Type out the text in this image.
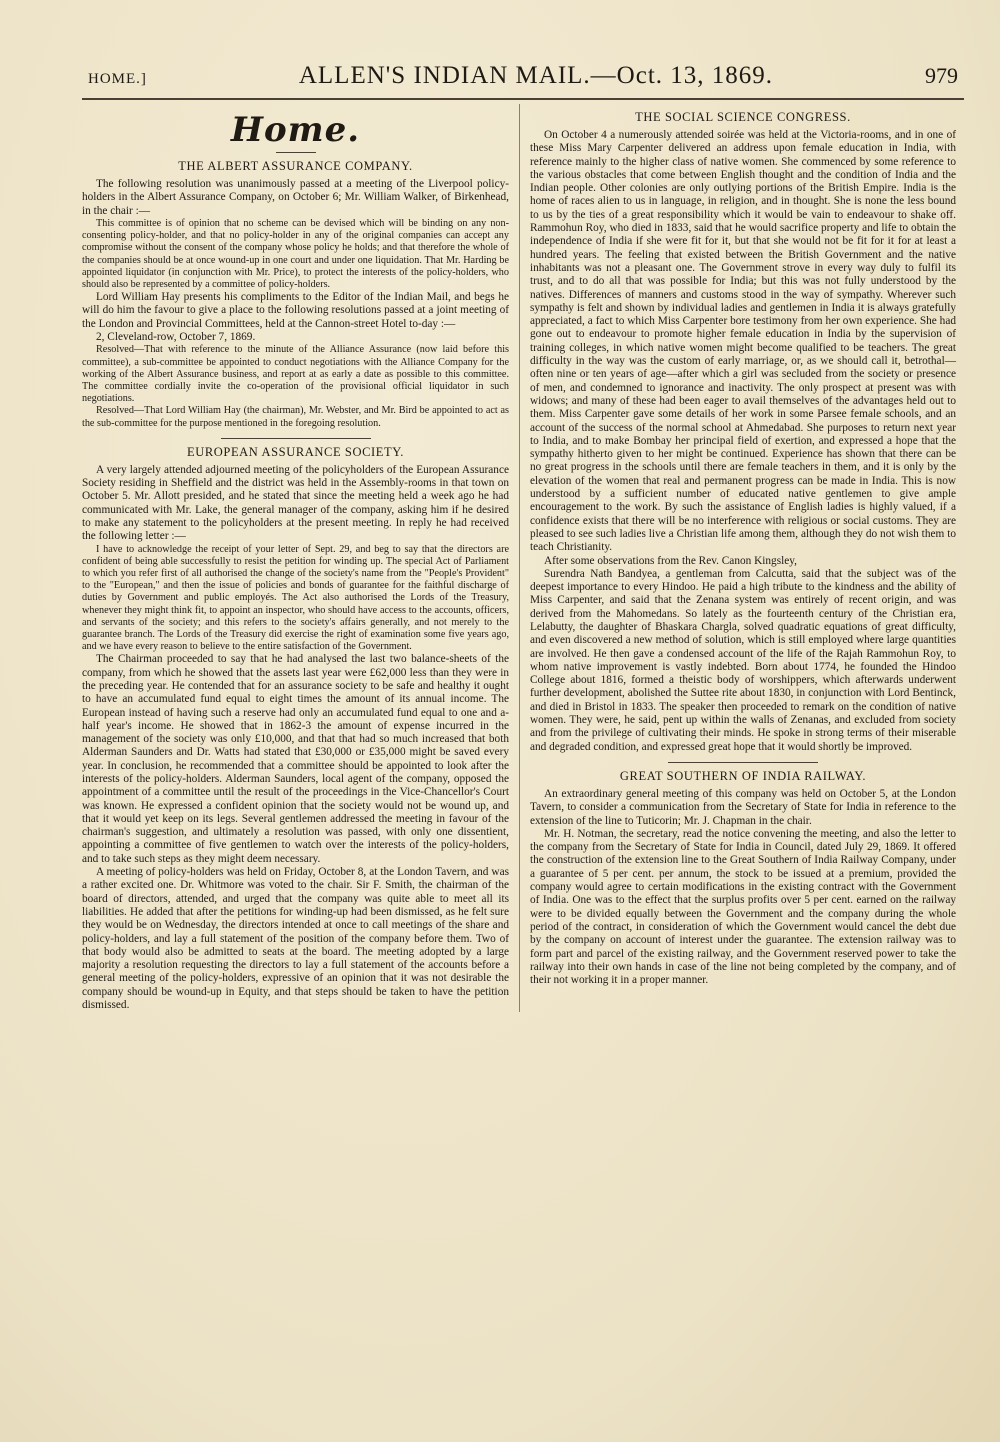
HOME.]	ALLEN'S INDIAN MAIL.—Oct. 13, 1869.	979
Home.
THE ALBERT ASSURANCE COMPANY.

The following resolution was unanimously passed at a meeting of the Liverpool policy-holders in the Albert Assurance Company, on October 6; Mr. William Walker, of Birkenhead, in the chair :—

This committee is of opinion that no scheme can be devised which will be binding on any non-consenting policy-holder, and that no policy-holder in any of the original companies can accept any compromise without the consent of the company whose policy he holds; and that therefore the whole of the companies should be at once wound-up in one court and under one liquidation. That Mr. Harding be appointed liquidator (in conjunction with Mr. Price), to protect the interests of the policy-holders, who should also be represented by a committee of policy-holders.

Lord William Hay presents his compliments to the Editor of the Indian Mail, and begs he will do him the favour to give a place to the following resolutions passed at a joint meeting of the London and Provincial Committees, held at the Cannon-street Hotel to-day :—

2, Cleveland-row, October 7, 1869.

Resolved—That with reference to the minute of the Alliance Assurance (now laid before this committee), a sub-committee be appointed to conduct negotiations with the Alliance Company for the working of the Albert Assurance business, and report at as early a date as possible to this committee. The committee cordially invite the co-operation of the provisional official liquidator in such negotiations.

Resolved—That Lord William Hay (the chairman), Mr. Webster, and Mr. Bird be appointed to act as the sub-committee for the purpose mentioned in the foregoing resolution.

EUROPEAN ASSURANCE SOCIETY.

A very largely attended adjourned meeting of the policyholders of the European Assurance Society residing in Sheffield and the district was held in the Assembly-rooms in that town on October 5. Mr. Allott presided, and he stated that since the meeting held a week ago he had communicated with Mr. Lake, the general manager of the company, asking him if he desired to make any statement to the policyholders at the present meeting. In reply he had received the following letter :—

I have to acknowledge the receipt of your letter of Sept. 29, and beg to say that the directors are confident of being able successfully to resist the petition for winding up. The special Act of Parliament to which you refer first of all authorised the change of the society's name from the "People's Provident" to the "European," and then the issue of policies and bonds of guarantee for the faithful discharge of duties by Government and public employés. The Act also authorised the Lords of the Treasury, whenever they might think fit, to appoint an inspector, who should have access to the accounts, officers, and servants of the society; and this refers to the society's affairs generally, and not merely to the guarantee branch. The Lords of the Treasury did exercise the right of examination some five years ago, and we have every reason to believe to the entire satisfaction of the Government.

The Chairman proceeded to say that he had analysed the last two balance-sheets of the company, from which he showed that the assets last year were £62,000 less than they were in the preceding year. He contended that for an assurance society to be safe and healthy it ought to have an accumulated fund equal to eight times the amount of its annual income. The European instead of having such a reserve had only an accumulated fund equal to one and a-half year's income. He showed that in 1862-3 the amount of expense incurred in the management of the society was only £10,000, and that that had so much increased that both Alderman Saunders and Dr. Watts had stated that £30,000 or £35,000 might be saved every year. In conclusion, he recommended that a committee should be appointed to look after the interests of the policy-holders. Alderman Saunders, local agent of the company, opposed the appointment of a committee until the result of the proceedings in the Vice-Chancellor's Court was known. He expressed a confident opinion that the society would not be wound up, and that it would yet keep on its legs. Several gentlemen addressed the meeting in favour of the chairman's suggestion, and ultimately a resolution was passed, with only one dissentient, appointing a committee of five gentlemen to watch over the interests of the policy-holders, and to take such steps as they might deem necessary.

A meeting of policy-holders was held on Friday, October 8, at the London Tavern, and was a rather excited one. Dr. Whitmore was voted to the chair. Sir F. Smith, the chairman of the board of directors, attended, and urged that the company was quite able to meet all its liabilities. He added that after the petitions for winding-up had been dismissed, as he felt sure they would be on Wednesday, the directors intended at once to call meetings of the share and policy-holders, and lay a full statement of the position of the company before them. Two of that body would also be admitted to seats at the board. The meeting adopted by a large majority a resolution requesting the directors to lay a full statement of the accounts before a general meeting of the policy-holders, expressive of an opinion that it was not desirable the company should be wound-up in Equity, and that steps should be taken to have the petition dismissed.

THE SOCIAL SCIENCE CONGRESS.

On October 4 a numerously attended soirée was held at the Victoria-rooms, and in one of these Miss Mary Carpenter delivered an address upon female education in India, with reference mainly to the higher class of native women. She commenced by some reference to the various obstacles that come between English thought and the condition of India and the Indian people. Other colonies are only outlying portions of the British Empire. India is the home of races alien to us in language, in religion, and in thought. She is none the less bound to us by the ties of a great responsibility which it would be vain to endeavour to shake off. Rammohun Roy, who died in 1833, said that he would sacrifice property and life to obtain the independence of India if she were fit for it, but that she would not be fit for it for at least a hundred years. The feeling that existed between the British Government and the native inhabitants was not a pleasant one. The Government strove in every way duly to fulfil its trust, and to do all that was possible for India; but this was not fully understood by the natives. Differences of manners and customs stood in the way of sympathy. Wherever such sympathy is felt and shown by individual ladies and gentlemen in India it is always gratefully appreciated, a fact to which Miss Carpenter bore testimony from her own experience. She had gone out to endeavour to promote higher female education in India by the supervision of training colleges, in which native women might become qualified to be teachers. The great difficulty in the way was the custom of early marriage, or, as we should call it, betrothal—often nine or ten years of age—after which a girl was secluded from the society or presence of men, and condemned to ignorance and inactivity. The only prospect at present was with widows; and many of these had been eager to avail themselves of the advantages held out to them. Miss Carpenter gave some details of her work in some Parsee female schools, and an account of the success of the normal school at Ahmedabad. She purposes to return next year to India, and to make Bombay her principal field of exertion, and expressed a hope that the sympathy hitherto given to her might be continued. Experience has shown that there can be no great progress in the schools until there are female teachers in them, and it is only by the elevation of the women that real and permanent progress can be made in India. This is now understood by a sufficient number of educated native gentlemen to give ample encouragement to the work. By such the assistance of English ladies is highly valued, if a confidence exists that there will be no interference with religious or social customs. They are pleased to see such ladies live a Christian life among them, although they do not wish them to teach Christianity.

After some observations from the Rev. Canon Kingsley,

Surendra Nath Bandyea, a gentleman from Calcutta, said that the subject was of the deepest importance to every Hindoo. He paid a high tribute to the kindness and the ability of Miss Carpenter, and said that the Zenana system was entirely of recent origin, and was derived from the Mahomedans. So lately as the fourteenth century of the Christian era, Lelabutty, the daughter of Bhaskara Chargla, solved quadratic equations of great difficulty, and even discovered a new method of solution, which is still employed where large quantities are involved. He then gave a condensed account of the life of the Rajah Rammohun Roy, to whom native improvement is vastly indebted. Born about 1774, he founded the Hindoo College about 1816, formed a theistic body of worshippers, which afterwards underwent further development, abolished the Suttee rite about 1830, in conjunction with Lord Bentinck, and died in Bristol in 1833. The speaker then proceeded to remark on the condition of native women. They were, he said, pent up within the walls of Zenanas, and excluded from society and from the privilege of cultivating their minds. He spoke in strong terms of their miserable and degraded condition, and expressed great hope that it would shortly be improved.

GREAT SOUTHERN OF INDIA RAILWAY.

An extraordinary general meeting of this company was held on October 5, at the London Tavern, to consider a communication from the Secretary of State for India in reference to the extension of the line to Tuticorin; Mr. J. Chapman in the chair.

Mr. H. Notman, the secretary, read the notice convening the meeting, and also the letter to the company from the Secretary of State for India in Council, dated July 29, 1869. It offered the construction of the extension line to the Great Southern of India Railway Company, under a guarantee of 5 per cent. per annum, the stock to be issued at a premium, provided the company would agree to certain modifications in the existing contract with the Government of India. One was to the effect that the surplus profits over 5 per cent. earned on the railway were to be divided equally between the Government and the company during the whole period of the contract, in consideration of which the Government would cancel the debt due by the company on account of interest under the guarantee. The extension railway was to form part and parcel of the existing railway, and the Government reserved power to take the railway into their own hands in case of the line not being completed by the company, and of their not working it in a proper manner.
